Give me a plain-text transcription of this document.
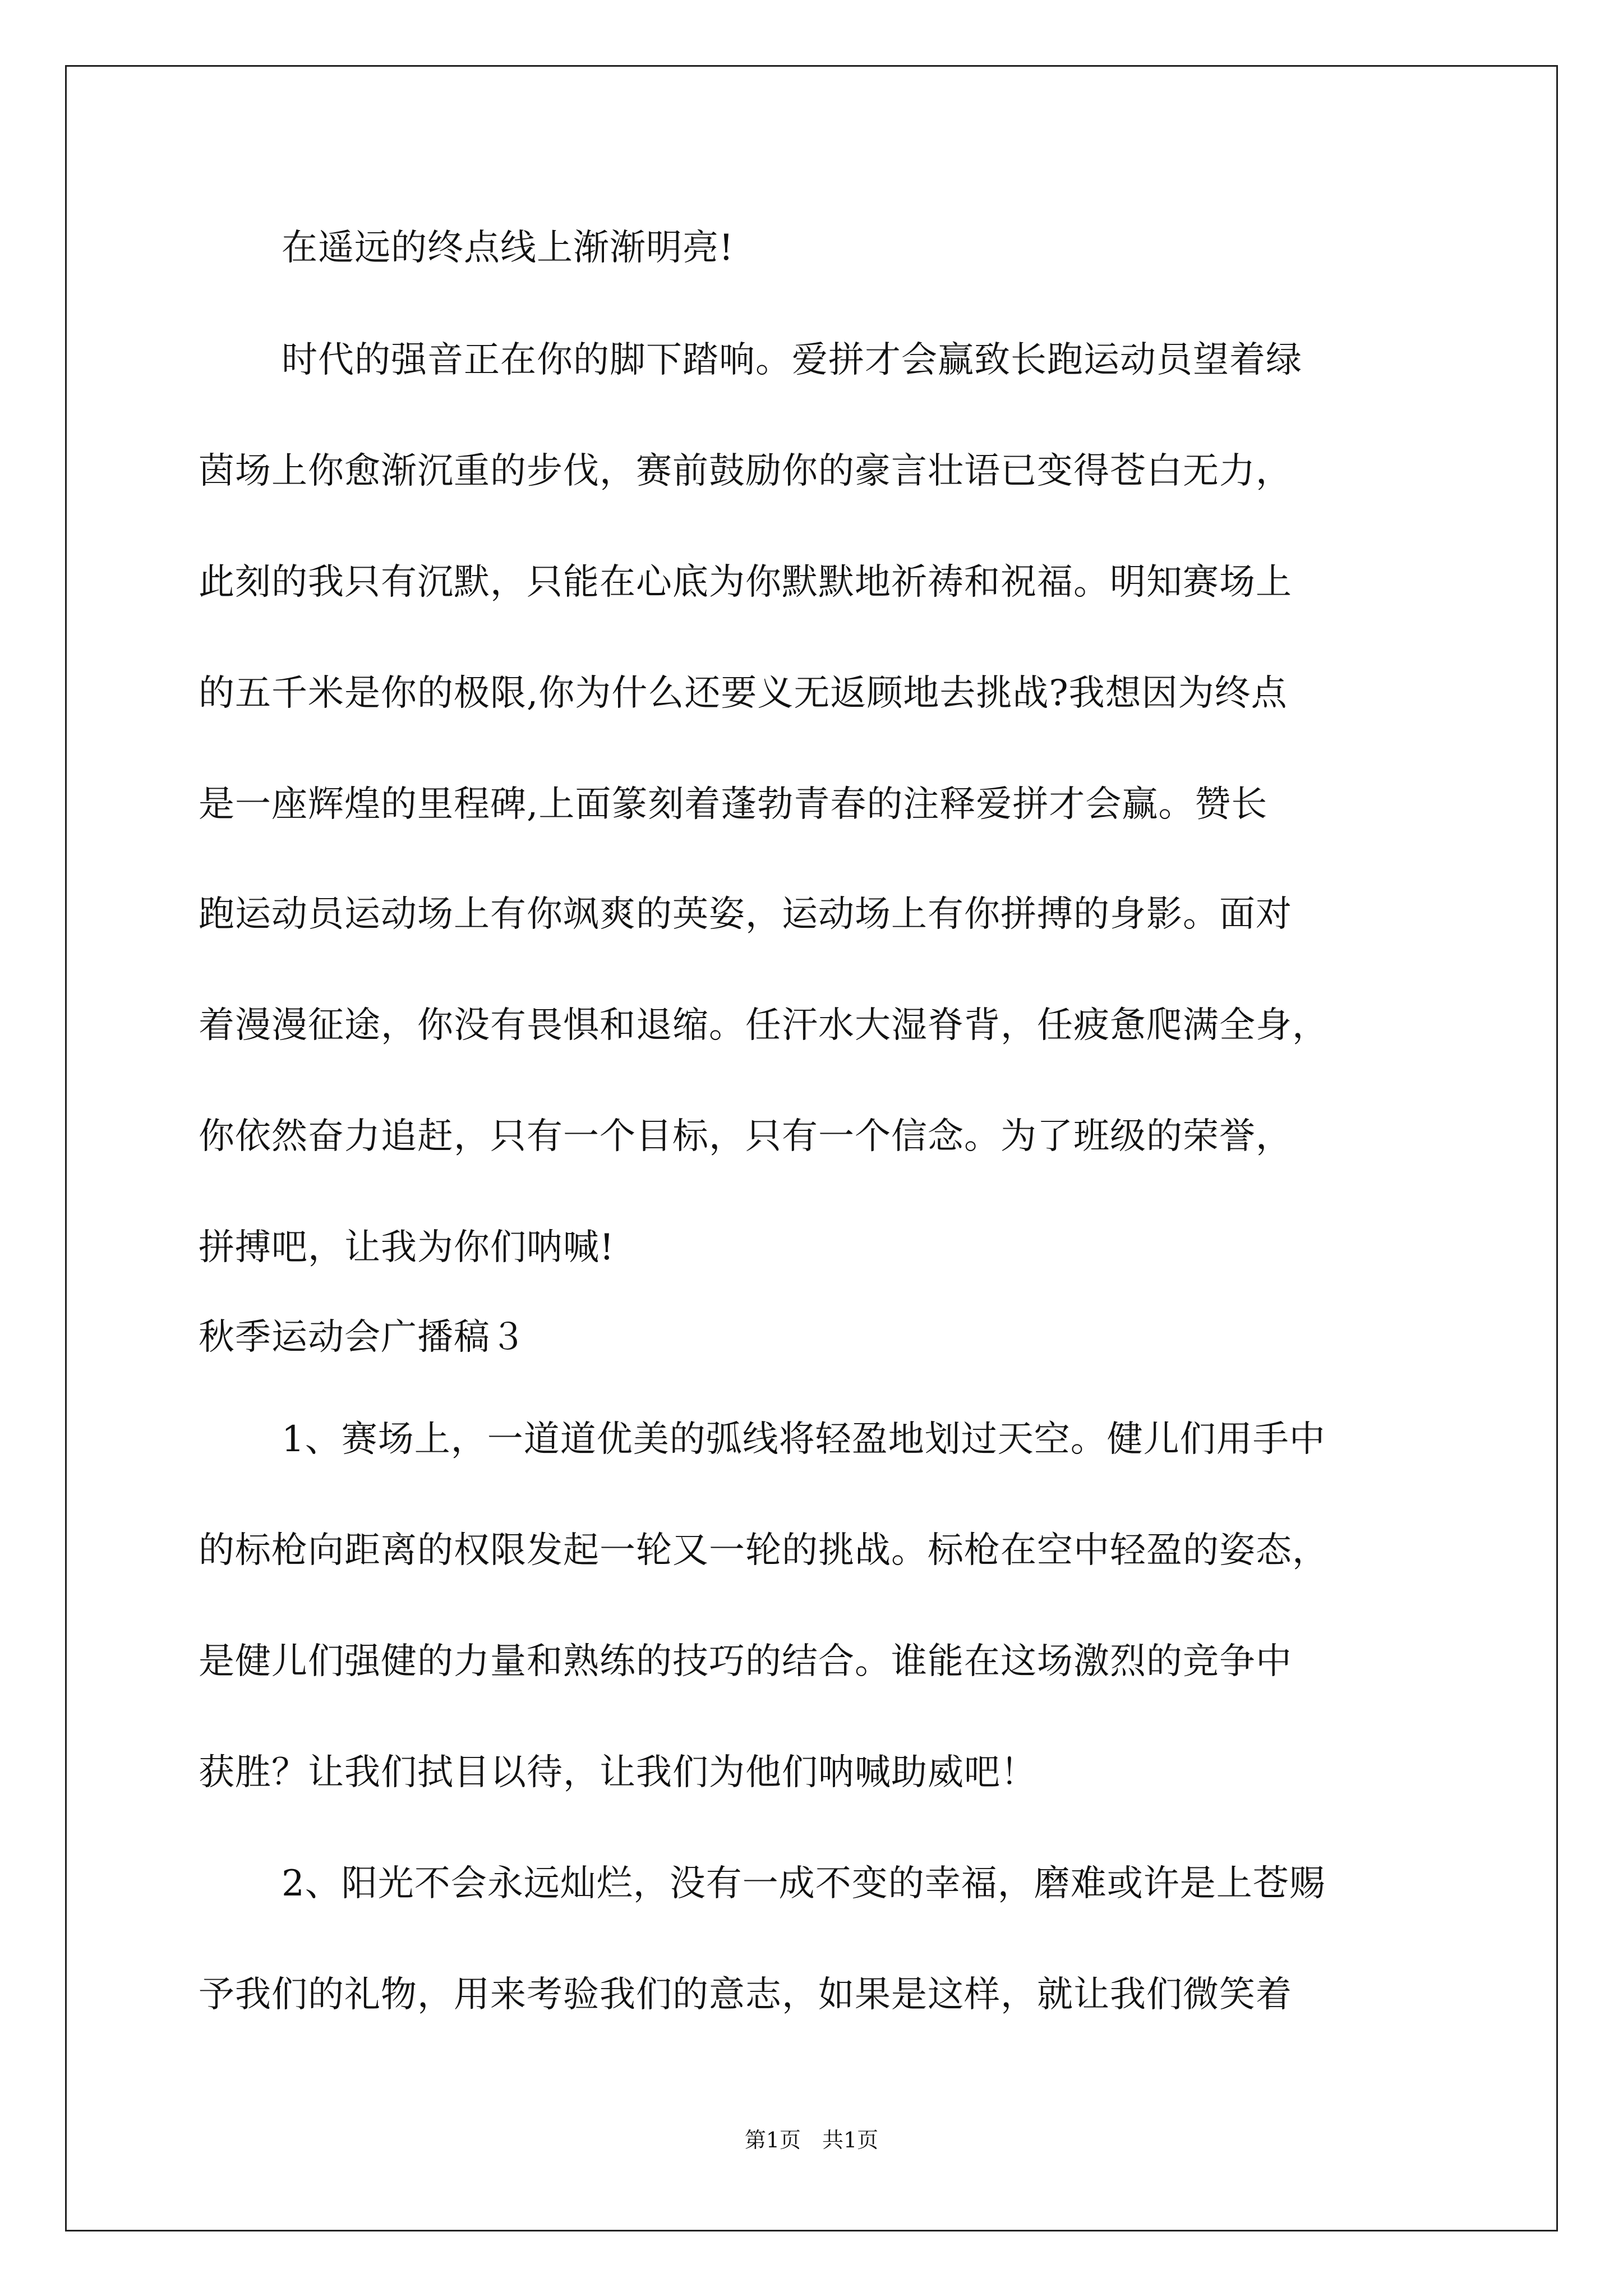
在遥远的终点线上渐渐明亮!
时代的强音正在你的脚下踏响。爱拼才会赢致长跑运动员望着绿
茵场上你愈渐沉重的步伐，赛前鼓励你的豪言壮语已变得苍白无力，
此刻的我只有沉默，只能在心底为你默默地祈祷和祝福。明知赛场上
的五千米是你的极限,你为什么还要义无返顾地去挑战?我想因为终点
是一座辉煌的里程碑,上面篆刻着蓬勃青春的注释爱拼才会赢。赞长
跑运动员运动场上有你飒爽的英姿，运动场上有你拼搏的身影。面对
着漫漫征途，你没有畏惧和退缩。任汗水大湿脊背，任疲惫爬满全身，
你依然奋力追赶，只有一个目标，只有一个信念。为了班级的荣誉，
拼搏吧，让我为你们呐喊!
秋季运动会广播稿３
1、赛场上，一道道优美的弧线将轻盈地划过天空。健儿们用手中
的标枪向距离的权限发起一轮又一轮的挑战。标枪在空中轻盈的姿态，
是健儿们强健的力量和熟练的技巧的结合。谁能在这场激烈的竞争中
获胜？让我们拭目以待，让我们为他们呐喊助威吧！
2、阳光不会永远灿烂，没有一成不变的幸福，磨难或许是上苍赐
予我们的礼物，用来考验我们的意志，如果是这样，就让我们微笑着
第1页　共1页
